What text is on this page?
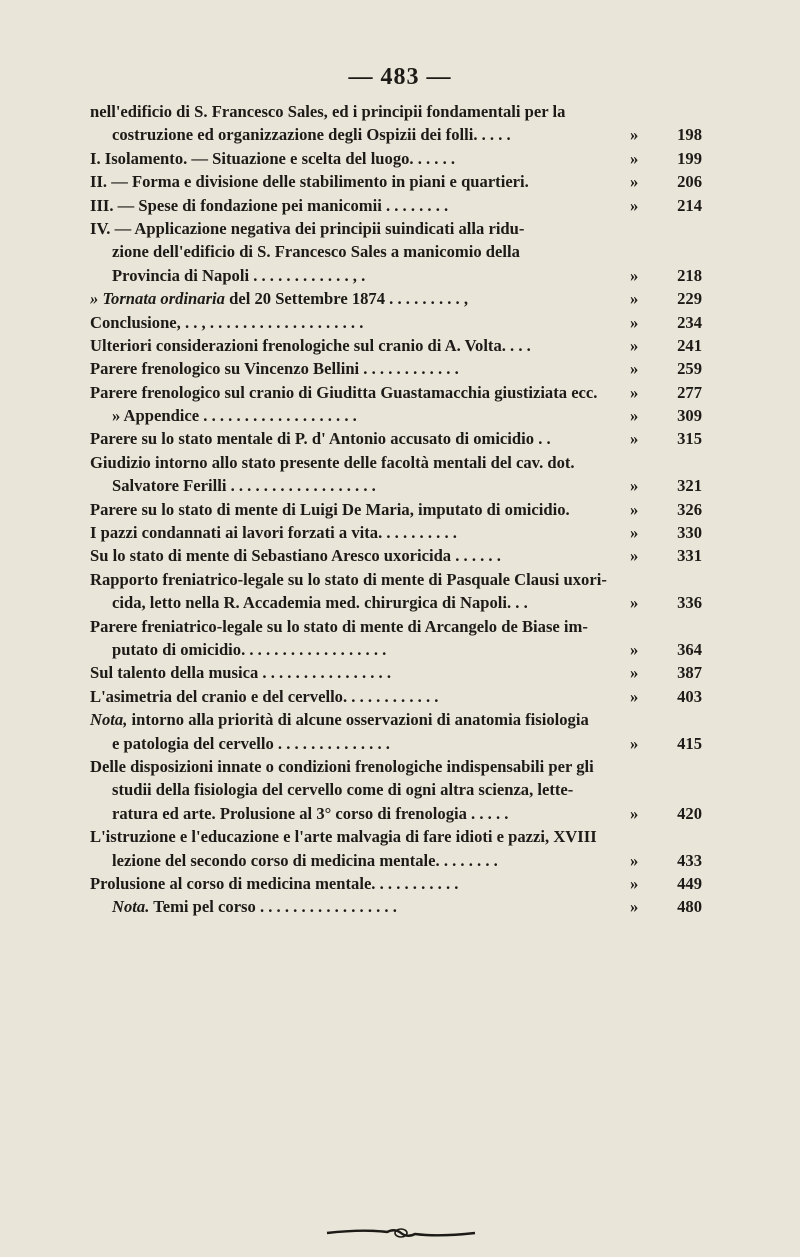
— 483 —
nell'edificio di S. Francesco Sales, ed i principii fondamentali per la
costruzione ed organizzazione degli Ospizii dei folli. . . . .	» 198
I. Isolamento. — Situazione e scelta del luogo. . . . . .	» 199
II. — Forma e divisione delle stabilimento in piani e quartieri.	» 206
III. — Spese di fondazione pei manicomii . . . . . . . .	» 214
IV. — Applicazione negativa dei principii suindicati alla ridu-
zione dell'edificio di S. Francesco Sales a manicomio della
Provincia di Napoli . . . . . . . . . . . . , .	» 218
» Tornata ordinaria del 20 Settembre 1874 . . . . . . . . . ,	» 229
Conclusione, . . , . . . . . . . . . . . . . . . . . . .	» 234
Ulteriori considerazioni frenologiche sul cranio di A. Volta. . . .	» 241
Parere frenologico su Vincenzo Bellini . . . . . . . . . . . .	» 259
Parere frenologico sul cranio di Giuditta Guastamacchia giustiziata ecc. » 277
» Appendice . . . . . . . . . . . . . . . . . . .	» 309
Parere su lo stato mentale di P. d' Antonio accusato di omicidio . .	» 315
Giudizio intorno allo stato presente delle facoltà mentali del cav. dot.
Salvatore Ferilli . . . . . . . . . . . . . . . . . .	» 321
Parere su lo stato di mente di Luigi De Maria, imputato di omicidio.	» 326
I pazzi condannati ai lavori forzati a vita. . . . . . . . . .	» 330
Su lo stato di mente di Sebastiano Aresco uxoricida . . . . . .	» 331
Rapporto freniatrico-legale su lo stato di mente di Pasquale Clausi uxori-
cida, letto nella R. Accademia med. chirurgica di Napoli. . .	» 336
Parere freniatrico-legale su lo stato di mente di Arcangelo de Biase im-
putato di omicidio. . . . . . . . . . . . . . . . . .	» 364
Sul talento della musica . . . . . . . . . . . . . . . .	» 387
L'asimetria del cranio e del cervello. . . . . . . . . . . .	» 403
Nota, intorno alla priorità di alcune osservazioni di anatomia fisiologia
e patologia del cervello . . . . . . . . . . . . . .	» 415
Delle disposizioni innate o condizioni frenologiche indispensabili per gli
studii della fisiologia del cervello come di ogni altra scienza, lette-
ratura ed arte. Prolusione al 3° corso di frenologia . . . . .	» 420
L'istruzione e l'educazione e l'arte malvagia di fare idioti e pazzi, XVIII
lezione del secondo corso di medicina mentale. . . . . . . .	» 433
Prolusione al corso di medicina mentale. . . . . . . . . . .	» 449
Nota. Temi pel corso . . . . . . . . . . . . . . . . .	» 480
